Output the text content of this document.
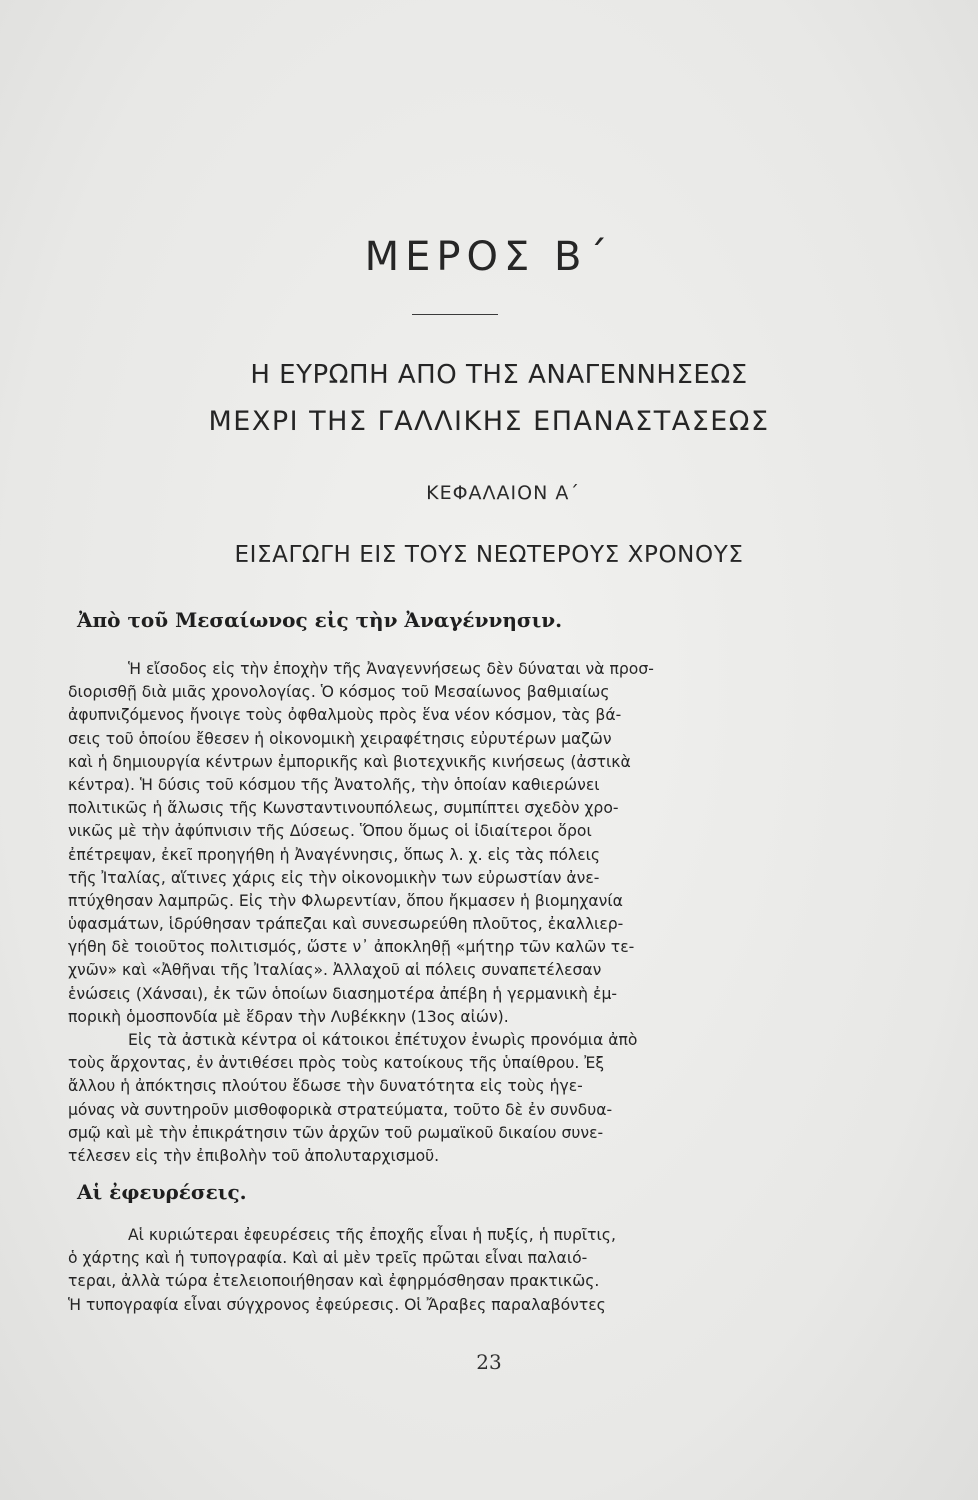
ΜΕΡΟΣ Β΄
Η ΕΥΡΩΠΗ ΑΠΟ ΤΗΣ ΑΝΑΓΕΝΝΗΣΕΩΣ
ΜΕΧΡΙ ΤΗΣ ΓΑΛΛΙΚΗΣ ΕΠΑΝΑΣΤΑΣΕΩΣ
ΚΕΦΑΛΑΙΟΝ Α΄
ΕΙΣΑΓΩΓΗ ΕΙΣ ΤΟΥΣ ΝΕΩΤΕΡΟΥΣ ΧΡΟΝΟΥΣ
Ἀπὸ τοῦ Μεσαίωνος εἰς τὴν Ἀναγέννησιν.
Ἡ εἴσοδος εἰς τὴν ἐποχὴν τῆς Ἀναγεννήσεως δὲν δύναται νὰ προσ-
διορισθῇ διὰ μιᾶς χρονολογίας. Ὁ κόσμος τοῦ Μεσαίωνος βαθμιαίως
ἀφυπνιζόμενος ἤνοιγε τοὺς ὀφθαλμοὺς πρὸς ἕνα νέον κόσμον, τὰς βά-
σεις τοῦ ὁποίου ἔθεσεν ἡ οἰκονομικὴ χειραφέτησις εὐρυτέρων μαζῶν
καὶ ἡ δημιουργία κέντρων ἐμπορικῆς καὶ βιοτεχνικῆς κινήσεως (ἀστικὰ
κέντρα). Ἡ δύσις τοῦ κόσμου τῆς Ἀνατολῆς, τὴν ὁποίαν καθιερώνει
πολιτικῶς ἡ ἅλωσις τῆς Κωνσταντινουπόλεως, συμπίπτει σχεδὸν χρο-
νικῶς μὲ τὴν ἀφύπνισιν τῆς Δύσεως. Ὅπου ὅμως οἱ ἰδιαίτεροι ὅροι
ἐπέτρεψαν, ἐκεῖ προηγήθη ἡ Ἀναγέννησις, ὅπως λ. χ. εἰς τὰς πόλεις
τῆς Ἰταλίας, αἵτινες χάρις εἰς τὴν οἰκονομικὴν των εὐρωστίαν ἀνε-
πτύχθησαν λαμπρῶς. Εἰς τὴν Φλωρεντίαν, ὅπου ἤκμασεν ἡ βιομηχανία
ὑφασμάτων, ἱδρύθησαν τράπεζαι καὶ συνεσωρεύθη πλοῦτος, ἐκαλλιερ-
γήθη δὲ τοιοῦτος πολιτισμός, ὥστε ν᾿ ἀποκληθῇ «μήτηρ τῶν καλῶν τε-
χνῶν» καὶ «Ἀθῆναι τῆς Ἰταλίας». Ἀλλαχοῦ αἱ πόλεις συναπετέλεσαν
ἑνώσεις (Χάνσαι), ἐκ τῶν ὁποίων διασημοτέρα ἀπέβη ἡ γερμανικὴ ἐμ-
πορικὴ ὁμοσπονδία μὲ ἕδραν τὴν Λυβέκκην (13ος αἰών).
Εἰς τὰ ἀστικὰ κέντρα οἱ κάτοικοι ἐπέτυχον ἐνωρὶς προνόμια ἀπὸ
τοὺς ἄρχοντας, ἐν ἀντιθέσει πρὸς τοὺς κατοίκους τῆς ὑπαίθρου. Ἐξ
ἄλλου ἡ ἀπόκτησις πλούτου ἔδωσε τὴν δυνατότητα εἰς τοὺς ἡγε-
μόνας νὰ συντηροῦν μισθοφορικὰ στρατεύματα, τοῦτο δὲ ἐν συνδυα-
σμῷ καὶ μὲ τὴν ἐπικράτησιν τῶν ἀρχῶν τοῦ ρωμαϊκοῦ δικαίου συνε-
τέλεσεν εἰς τὴν ἐπιβολὴν τοῦ ἀπολυταρχισμοῦ.
Αἱ ἐφευρέσεις.
Αἱ κυριώτεραι ἐφευρέσεις τῆς ἐποχῆς εἶναι ἡ πυξίς, ἡ πυρῖτις,
ὁ χάρτης καὶ ἡ τυπογραφία. Καὶ αἱ μὲν τρεῖς πρῶται εἶναι παλαιό-
τεραι, ἀλλὰ τώρα ἐτελειοποιήθησαν καὶ ἐφηρμόσθησαν πρακτικῶς.
Ἡ τυπογραφία εἶναι σύγχρονος ἐφεύρεσις. Οἱ Ἄραβες παραλαβόντες
23
